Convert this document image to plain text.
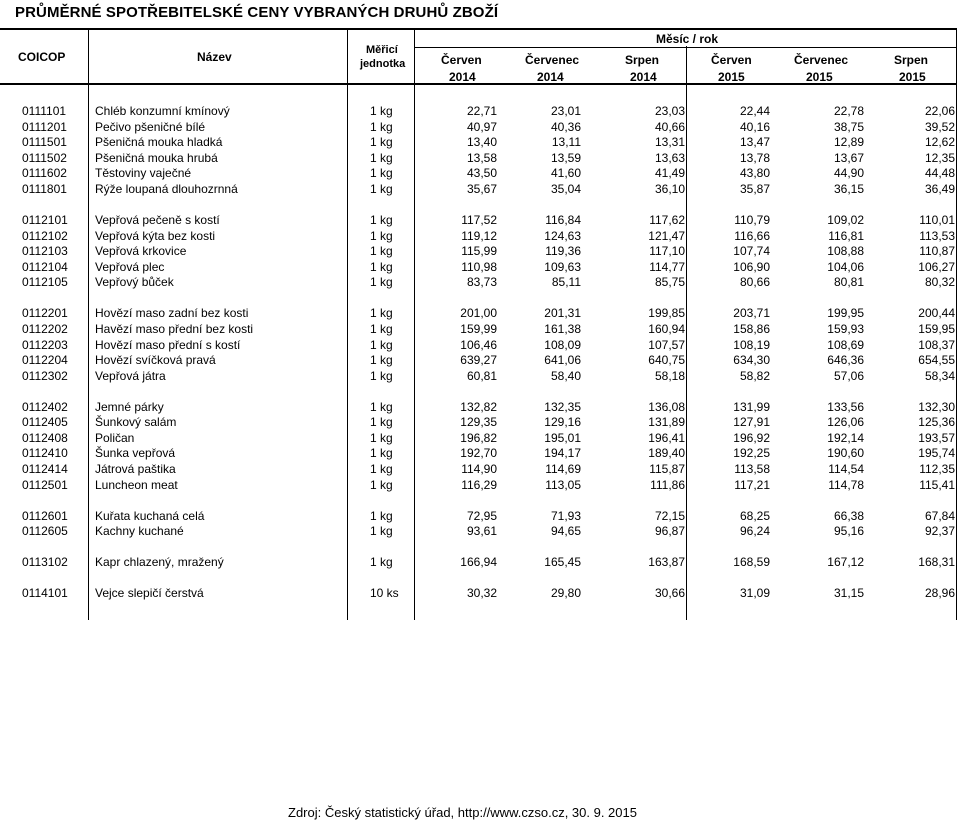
PRŮMĚRNÉ SPOTŘEBITELSKÉ CENY VYBRANÝCH DRUHŮ ZBOŽÍ
COICOP	Název	Měřicí
jednotka
Měsíc / rok
Červen	Červenec	Srpen	Červen	Červenec	Srpen
2014	2014	2014	2015	2015	2015
0111101 Chléb konzumní kmínový	1 kg	22,71	23,01	23,03	22,44	22,78	22,06
0111201 Pečivo pšeničné bílé	1 kg	40,97	40,36	40,66	40,16	38,75	39,52
0111501 Pšeničná mouka hladká	1 kg	13,40	13,11	13,31	13,47	12,89	12,62
0111502 Pšeničná mouka hrubá	1 kg	13,58	13,59	13,63	13,78	13,67	12,35
0111602 Těstoviny vaječné	1 kg	43,50	41,60	41,49	43,80	44,90	44,48
0111801 Rýže loupaná dlouhozrnná	1 kg	35,67	35,04	36,10	35,87	36,15	36,49
0112101 Vepřová pečeně s kostí	1 kg	117,52	116,84	117,62	110,79	109,02	110,01
0112102 Vepřová kýta bez kosti	1 kg	119,12	124,63	121,47	116,66	116,81	113,53
0112103 Vepřová krkovice	1 kg	115,99	119,36	117,10	107,74	108,88	110,87
0112104 Vepřová plec	1 kg	110,98	109,63	114,77	106,90	104,06	106,27
0112105 Vepřový bůček	1 kg	83,73	85,11	85,75	80,66	80,81	80,32
0112201 Hovězí maso zadní bez kosti	1 kg	201,00	201,31	199,85	203,71	199,95	200,44
0112202 Havězí maso přední bez kosti	1 kg	159,99	161,38	160,94	158,86	159,93	159,95
0112203 Hovězí maso přední s kostí	1 kg	106,46	108,09	107,57	108,19	108,69	108,37
0112204 Hovězí svíčková pravá	1 kg	639,27	641,06	640,75	634,30	646,36	654,55
0112302 Vepřová játra	1 kg	60,81	58,40	58,18	58,82	57,06	58,34
0112402 Jemné párky	1 kg	132,82	132,35	136,08	131,99	133,56	132,30
0112405 Šunkový salám	1 kg	129,35	129,16	131,89	127,91	126,06	125,36
0112408 Poličan	1 kg	196,82	195,01	196,41	196,92	192,14	193,57
0112410 Šunka vepřová	1 kg	192,70	194,17	189,40	192,25	190,60	195,74
0112414 Játrová paštika	1 kg	114,90	114,69	115,87	113,58	114,54	112,35
0112501 Luncheon meat	1 kg	116,29	113,05	111,86	117,21	114,78	115,41
0112601 Kuřata kuchaná celá	1 kg	72,95	71,93	72,15	68,25	66,38	67,84
0112605 Kachny kuchané	1 kg	93,61	94,65	96,87	96,24	95,16	92,37
0113102 Kapr chlazený, mražený	1 kg	166,94	165,45	163,87	168,59	167,12	168,31
0114101 Vejce slepičí čerstvá	10 ks	30,32	29,80	30,66	31,09	31,15	28,96
Zdroj: Český statistický úřad, http://www.czso.cz, 30. 9. 2015
